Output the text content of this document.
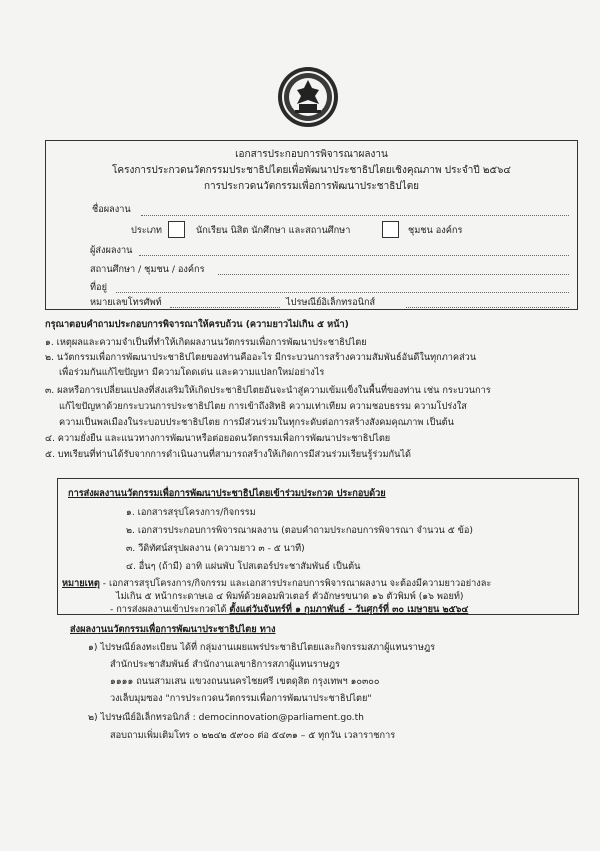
เอกสารประกอบการพิจารณาผลงาน
โครงการประกวดนวัตกรรมประชาธิปไตยเพื่อพัฒนาประชาธิปไตยเชิงคุณภาพ ประจำปี ๒๕๖๔
การประกวดนวัตกรรมเพื่อการพัฒนาประชาธิปไตย
ชื่อผลงาน
ประเภท	นักเรียน นิสิต นักศึกษา และสถานศึกษา	ชุมชน องค์กร
ผู้ส่งผลงาน
สถานศึกษา / ชุมชน / องค์กร
ที่อยู่
หมายเลขโทรศัพท์	ไปรษณีย์อิเล็กทรอนิกส์
กรุณาตอบคำถามประกอบการพิจารณาให้ครบถ้วน (ความยาวไม่เกิน ๕ หน้า)
๑. เหตุผลและความจำเป็นที่ทำให้เกิดผลงานนวัตกรรมเพื่อการพัฒนาประชาธิปไตย
๒. นวัตกรรมเพื่อการพัฒนาประชาธิปไตยของท่านคืออะไร มีกระบวนการสร้างความสัมพันธ์อันดีในทุกภาคส่วน
เพื่อร่วมกันแก้ไขปัญหา มีความโดดเด่น และความแปลกใหม่อย่างไร
๓. ผลหรือการเปลี่ยนแปลงที่ส่งเสริมให้เกิดประชาธิปไตยอันจะนำสู่ความเข้มแข็งในพื้นที่ของท่าน เช่น กระบวนการ
แก้ไขปัญหาด้วยกระบวนการประชาธิปไตย การเข้าถึงสิทธิ ความเท่าเทียม ความชอบธรรม ความโปร่งใส
ความเป็นพลเมืองในระบอบประชาธิปไตย การมีส่วนร่วมในทุกระดับต่อการสร้างสังคมคุณภาพ เป็นต้น
๔. ความยั่งยืน และแนวทางการพัฒนาหรือต่อยอดนวัตกรรมเพื่อการพัฒนาประชาธิปไตย
๕. บทเรียนที่ท่านได้รับจากการดำเนินงานที่สามารถสร้างให้เกิดการมีส่วนร่วมเรียนรู้ร่วมกันได้
การส่งผลงานนวัตกรรมเพื่อการพัฒนาประชาธิปไตยเข้าร่วมประกวด ประกอบด้วย
๑. เอกสารสรุปโครงการ/กิจกรรม
๒. เอกสารประกอบการพิจารณาผลงาน (ตอบคำถามประกอบการพิจารณา จำนวน ๕ ข้อ)
๓. วีดิทัศน์สรุปผลงาน (ความยาว ๓ - ๕ นาที)
๔. อื่นๆ (ถ้ามี) อาทิ แผ่นพับ โปสเตอร์ประชาสัมพันธ์ เป็นต้น
หมายเหตุ - เอกสารสรุปโครงการ/กิจกรรม และเอกสารประกอบการพิจารณาผลงาน จะต้องมีความยาวอย่างละ
ไม่เกิน ๕ หน้ากระดาษเอ ๔ พิมพ์ด้วยคอมพิวเตอร์ ตัวอักษรขนาด ๑๖ ตัวพิมพ์ (๑๖ พอยท์)
- การส่งผลงานเข้าประกวดได้ ตั้งแต่วันจันทร์ที่ ๑ กุมภาพันธ์ - วันศุกร์ที่ ๓๐ เมษายน ๒๕๖๔
ส่งผลงานนวัตกรรมเพื่อการพัฒนาประชาธิปไตย ทาง
๑) ไปรษณีย์ลงทะเบียน ได้ที่ กลุ่มงานเผยแพร่ประชาธิปไตยและกิจกรรมสภาผู้แทนราษฎร
สำนักประชาสัมพันธ์ สำนักงานเลขาธิการสภาผู้แทนราษฎร
๑๑๑๑ ถนนสามเสน แขวงถนนนครไชยศรี เขตดุสิต กรุงเทพฯ ๑๐๓๐๐
วงเล็บมุมซอง "การประกวดนวัตกรรมเพื่อการพัฒนาประชาธิปไตย"
๒) ไปรษณีย์อิเล็กทรอนิกส์ : democinnovation@parliament.go.th
สอบถามเพิ่มเติมโทร ๐ ๒๒๔๒ ๕๙๐๐ ต่อ ๕๔๓๑ – ๕ ทุกวัน เวลาราชการ
